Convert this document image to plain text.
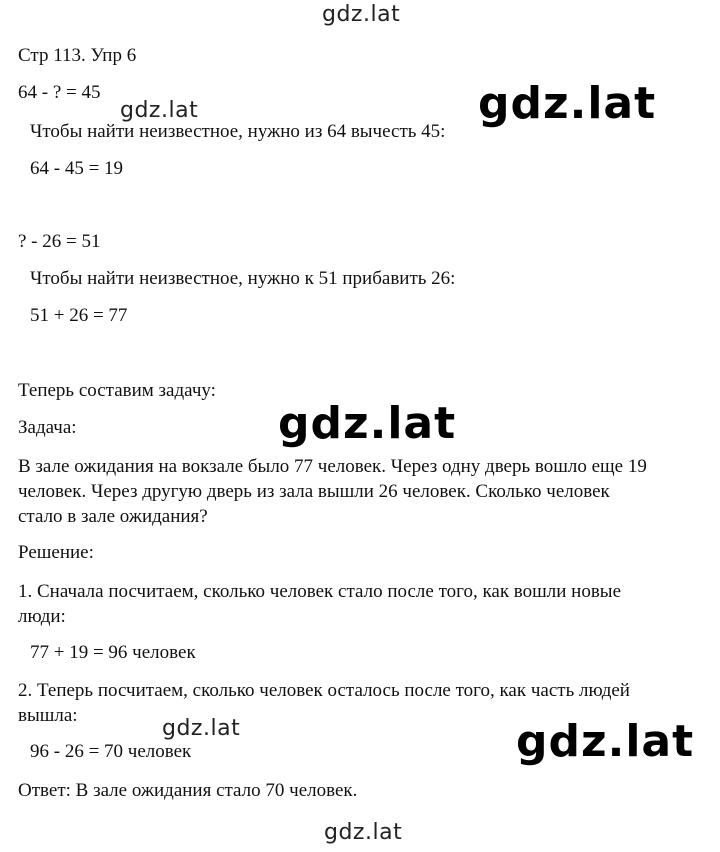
gdz.lat
gdz.lat	gdz.lat
gdz.lat
gdz.lat	gdz.lat
gdz.lat
Стр 113. Упр 6
64 - ? = 45
Чтобы найти неизвестное, нужно из 64 вычесть 45:
64 - 45 = 19
? - 26 = 51
Чтобы найти неизвестное, нужно к 51 прибавить 26:
51 + 26 = 77
Теперь составим задачу:
Задача:
В зале ожидания на вокзале было 77 человек. Через одну дверь вошло еще 19
человек. Через другую дверь из зала вышли 26 человек. Сколько человек
стало в зале ожидания?
Решение:
1. Сначала посчитаем, сколько человек стало после того, как вошли новые
люди:
77 + 19 = 96 человек
2. Теперь посчитаем, сколько человек осталось после того, как часть людей
вышла:
96 - 26 = 70 человек
Ответ: В зале ожидания стало 70 человек.
